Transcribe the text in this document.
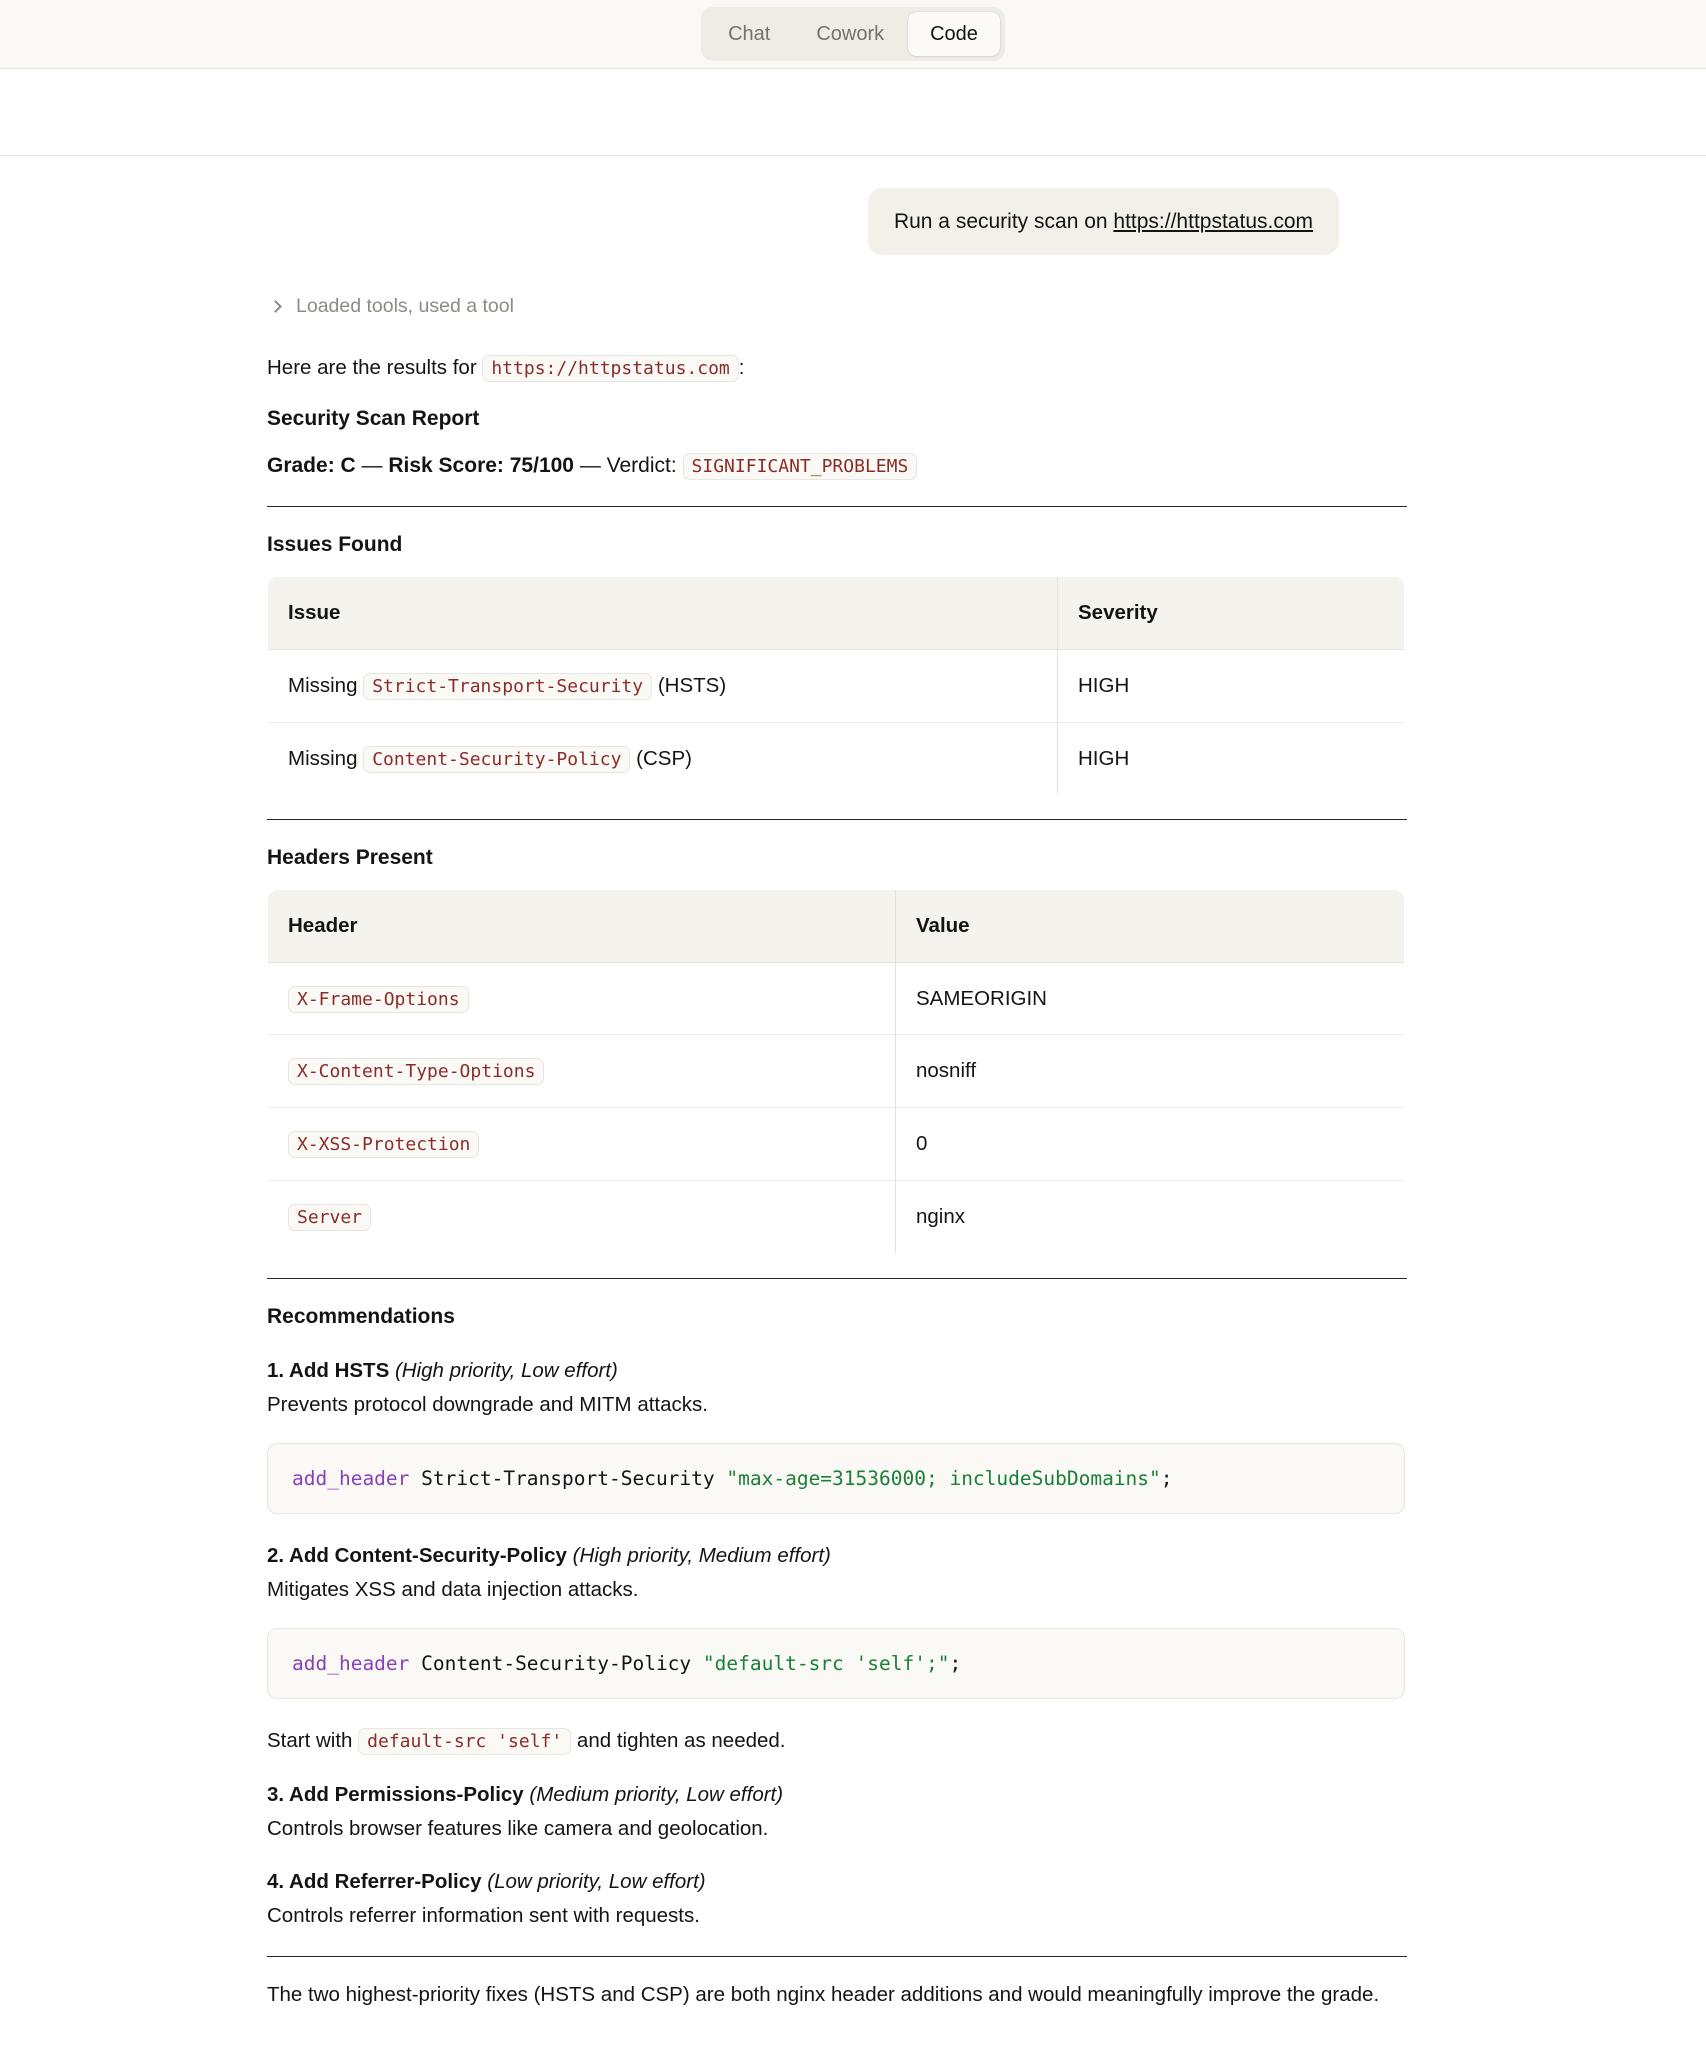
Chat	Cowork	Code
Run a security scan on https://httpstatus.com
Loaded tools, used a tool

Here are the results for https://httpstatus.com :

Security Scan Report

Grade: C — Risk Score: 75/100 — Verdict: SIGNIFICANT_PROBLEMS

Issues Found
Issue	Severity
Missing Strict-Transport-Security (HSTS)	HIGH
Missing Content-Security-Policy (CSP)	HIGH
Headers Present
Header	Value
X-Frame-Options	SAMEORIGIN
X-Content-Type-Options	nosniff
X-XSS-Protection	0
Server	nginx
Recommendations

1. Add HSTS (High priority, Low effort)

Prevents protocol downgrade and MITM attacks.

add_header Strict-Transport-Security "max-age=31536000; includeSubDomains";

2. Add Content-Security-Policy (High priority, Medium effort)

Mitigates XSS and data injection attacks.

add_header Content-Security-Policy "default-src 'self';";

Start with default-src 'self' and tighten as needed.

3. Add Permissions-Policy (Medium priority, Low effort)

Controls browser features like camera and geolocation.

4. Add Referrer-Policy (Low priority, Low effort)

Controls referrer information sent with requests.

The two highest-priority fixes (HSTS and CSP) are both nginx header additions and would meaningfully improve the grade.
